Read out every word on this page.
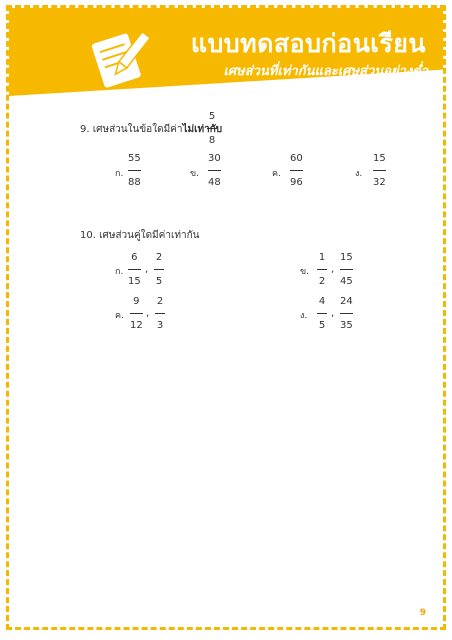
แบบทดสอบก่อนเรียน
เศษส่วนที่เท่ากันและเศษส่วนอย่างต่ำ
9. เศษส่วนในข้อใดมีค่าไม่เท่ากับ
5
8
ก.
55
88
ข.
30
48
ค.
60
96
ง.
15
32
10. เศษส่วนคู่ใดมีค่าเท่ากัน
ก.
6
15
,
2
5
ข.
1
2
,
15
45
ค.
9
12
,
2
3
ง.
4
5
,
24
35
9
